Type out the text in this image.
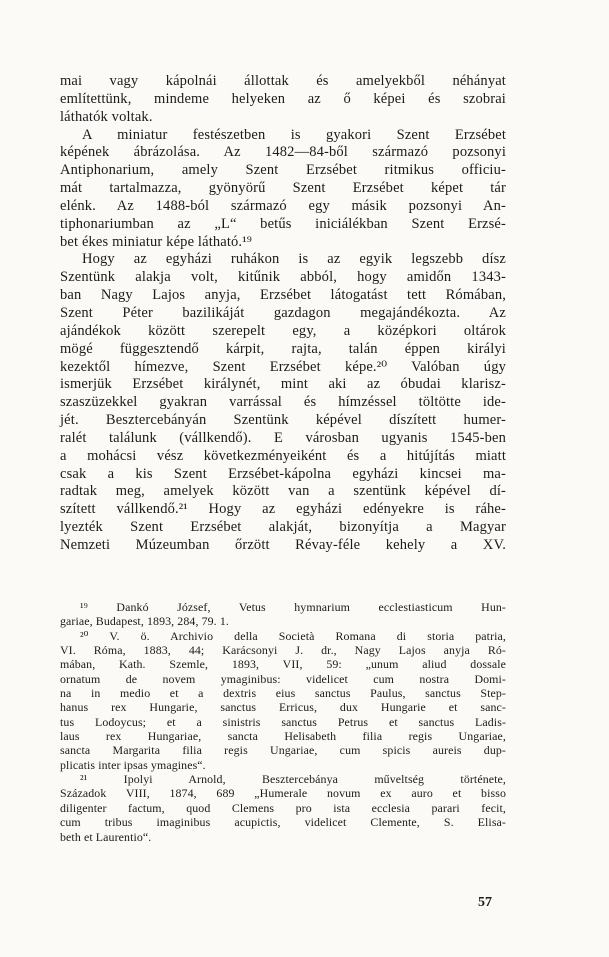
mai vagy kápolnái állottak és amelyekből néhányat
említettünk, mindeme helyeken az ő képei és szobrai
láthatók voltak.
A miniatur festészetben is gyakori Szent Erzsébet
képének ábrázolása. Az 1482—84-ből származó pozsonyi
Antiphonarium, amely Szent Erzsébet ritmikus officiu-
mát tartalmazza, gyönyörű Szent Erzsébet képet tár
elénk. Az 1488-ból származó egy másik pozsonyi An-
tiphonariumban az „L“ betűs iniciálékban Szent Erzsé-
bet ékes miniatur képe látható.¹⁹
Hogy az egyházi ruhákon is az egyik legszebb dísz
Szentünk alakja volt, kitűnik abból, hogy amidőn 1343-
ban Nagy Lajos anyja, Erzsébet látogatást tett Rómában,
Szent Péter bazilikáját gazdagon megajándékozta. Az
ajándékok között szerepelt egy, a középkori oltárok
mögé függesztendő kárpit, rajta, talán éppen királyi
kezektől hímezve, Szent Erzsébet képe.²⁰ Valóban úgy
ismerjük Erzsébet királynét, mint aki az óbudai klarisz-
szaszüzekkel gyakran varrással és hímzéssel töltötte ide-
jét. Besztercebányán Szentünk képével díszített humer-
ralét találunk (vállkendő). E városban ugyanis 1545-ben
a mohácsi vész következményeiként és a hitújítás miatt
csak a kis Szent Erzsébet-kápolna egyházi kincsei ma-
radtak meg, amelyek között van a szentünk képével dí-
szített vállkendő.²¹ Hogy az egyházi edényekre is ráhe-
lyezték Szent Erzsébet alakját, bizonyítja a Magyar
Nemzeti Múzeumban őrzött Révay-féle kehely a XV.
¹⁹ Dankó József, Vetus hymnarium ecclestiasticum Hun-
gariae, Budapest, 1893, 284, 79. 1.
²⁰ V. ö. Archivio della Società Romana di storia patria,
VI. Róma, 1883, 44; Karácsonyi J. dr., Nagy Lajos anyja Ró-
mában, Kath. Szemle, 1893, VII, 59: „unum aliud dossale
ornatum de novem ymaginibus: videlicet cum nostra Domi-
na in medio et a dextris eius sanctus Paulus, sanctus Step-
hanus rex Hungarie, sanctus Erricus, dux Hungarie et sanc-
tus Lodoycus; et a sinistris sanctus Petrus et sanctus Ladis-
laus rex Hungariae, sancta Helisabeth filia regis Ungariae,
sancta Margarita filia regis Ungariae, cum spicis aureis dup-
plicatis inter ipsas ymagines“.
²¹ Ipolyi Arnold, Besztercebánya műveltség története,
Századok VIII, 1874, 689 „Humerale novum ex auro et bisso
diligenter factum, quod Clemens pro ista ecclesia parari fecit,
cum tribus imaginibus acupictis, videlicet Clemente, S. Elisa-
beth et Laurentio“.
57
